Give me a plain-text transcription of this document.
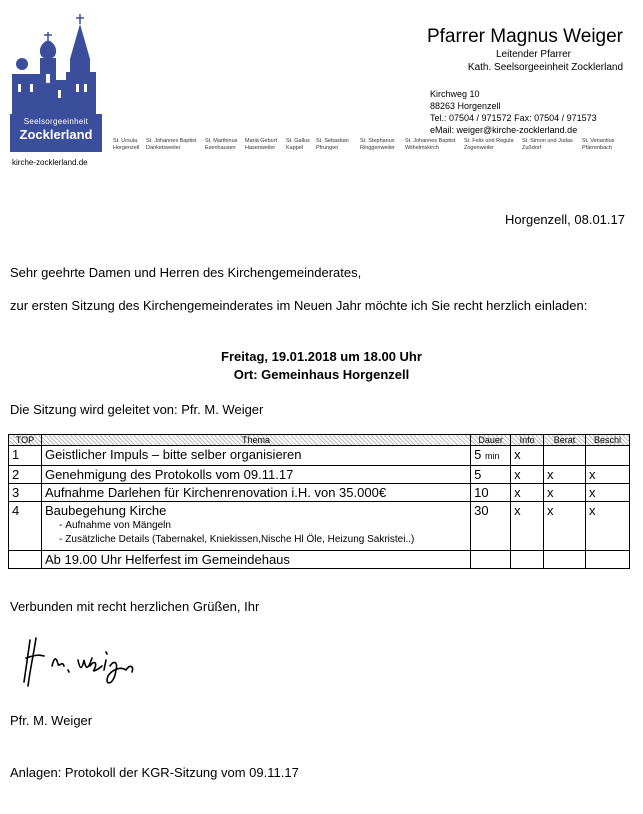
Seelsorgeeinheit
Zocklerland
kirche-zocklerland.de
Pfarrer Magnus Weiger
Leitender Pfarrer
Kath. Seelsorgeeinheit Zocklerland
Kirchweg 10
88263 Horgenzell
Tel.: 07504 / 971572 Fax: 07504 / 971573
eMail: weiger@kirche-zocklerland.de
St. Ursula
Horgenzell
St. Johannes Baptist
Danketsweiler
St. Marthinus
Esenhausen
Mariä Geburt
Hasenweiler
St. Gallus
Kappel
St. Sebastian
Pfrungen
St. Stephanus
Ringgenweiler
St. Johannes Baptist
Wilhelmskirch
St. Felix und Regula
Zogenweiler
St. Simon und Judas
Zußdorf
St. Venantius
Pfärrenbach
Horgenzell, 08.01.17
Sehr geehrte Damen und Herren des Kirchengemeinderates,
zur ersten Sitzung des Kirchengemeinderates im Neuen Jahr möchte ich Sie recht herzlich einladen:
Freitag, 19.01.2018 um 18.00 Uhr
Ort: Gemeinhaus Horgenzell
Die Sitzung wird geleitet von: Pfr. M. Weiger
TOP	Thema	Dauer	Info	Berat	Beschl
1	Geistlicher Impuls – bitte selber organisieren	5 min	x		
2	Genehmigung des Protokolls vom 09.11.17	5	x	x	x
3	Aufnahme Darlehen für Kirchenrenovation i.H. von 35.000€	10	x	x	x
4	Baubegehung Kirche
- Aufnahme von Mängeln
- Zusätzliche Details (Tabernakel, Kniekissen,Nische Hl Öle, Heizung Sakristei..)	30	x	x	x
	Ab 19.00 Uhr Helferfest im Gemeindehaus				
Verbunden mit recht herzlichen Grüßen, Ihr
Pfr. M. Weiger
Anlagen: Protokoll der KGR-Sitzung vom 09.11.17
